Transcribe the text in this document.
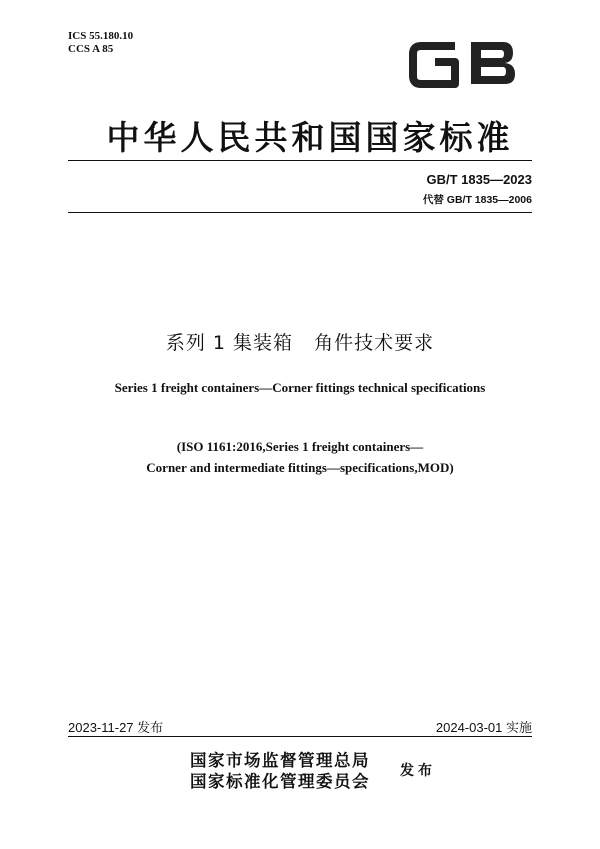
ICS 55.180.10
CCS A 85
中华人民共和国国家标准
GB/T 1835—2023
代替 GB/T 1835—2006
系列 1 集装箱   角件技术要求
Series 1 freight containers—Corner fittings technical specifications
(ISO 1161:2016,Series 1 freight containers—
Corner and intermediate fittings—specifications,MOD)
2023-11-27 发布	2024-03-01 实施
国家市场监督管理总局
国家标准化管理委员会
发布
